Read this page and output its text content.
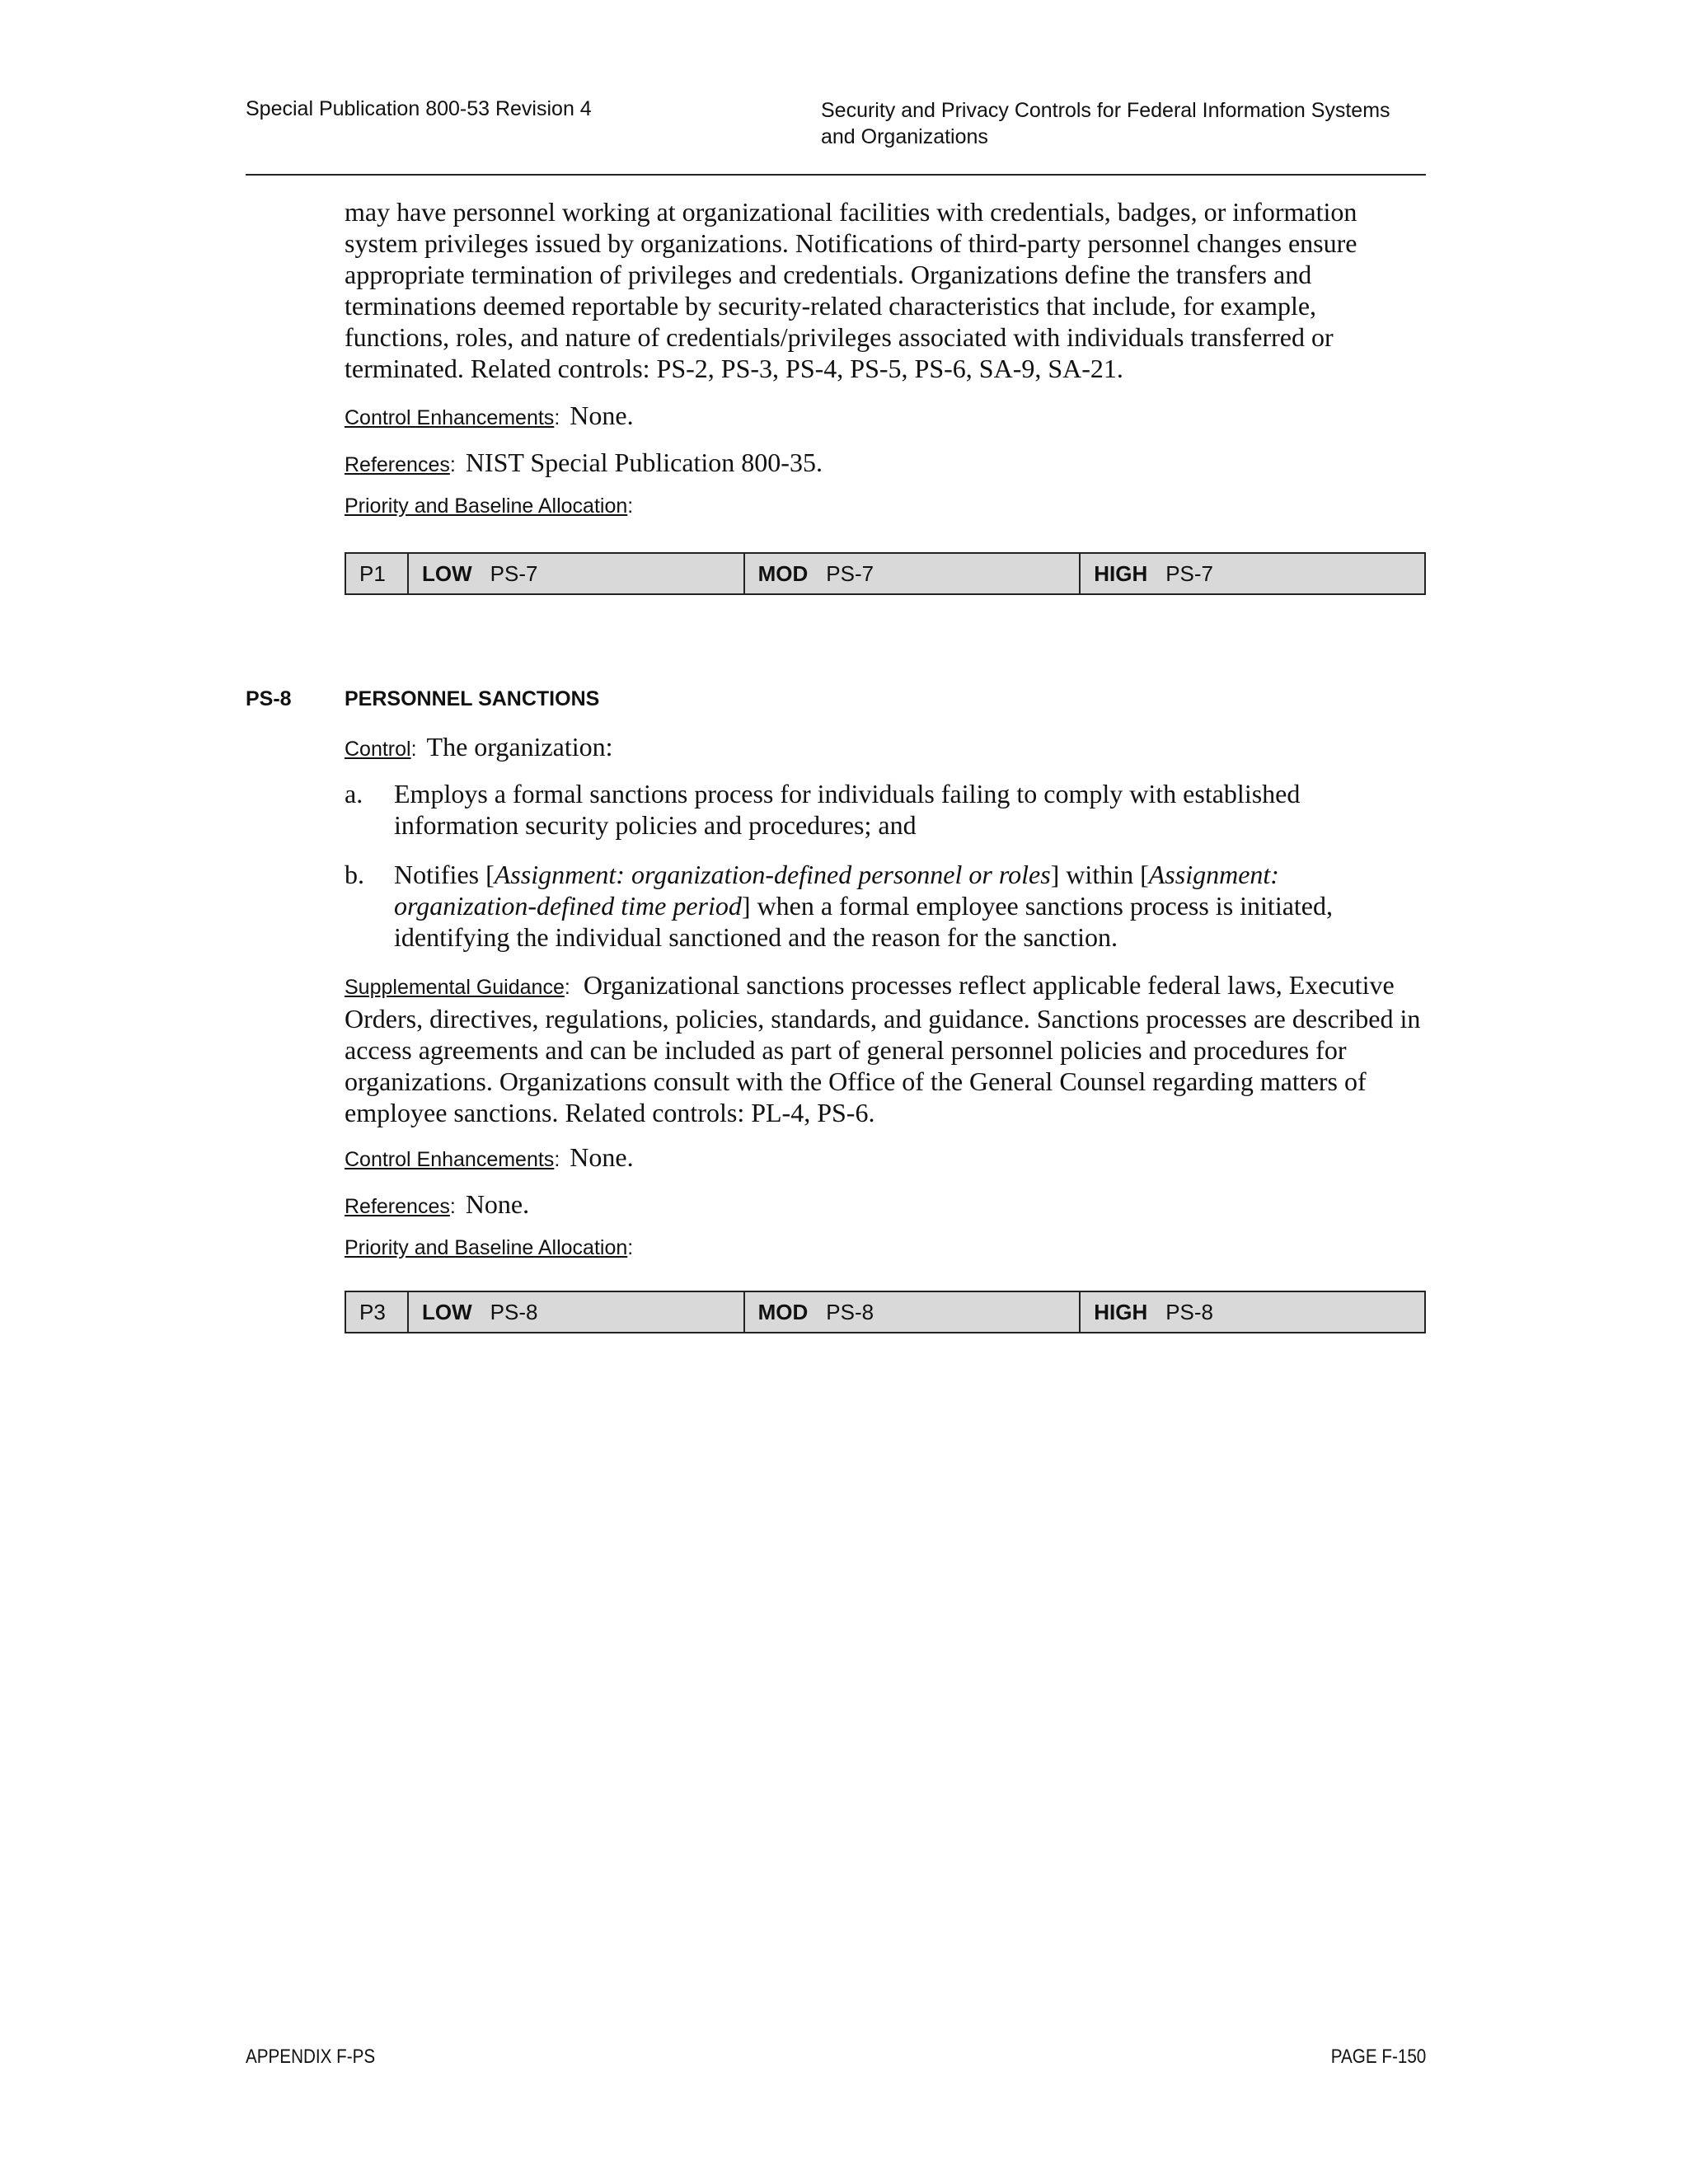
Special Publication 800-53 Revision 4	Security and Privacy Controls for Federal Information Systems
and Organizations

may have personnel working at organizational facilities with credentials, badges, or information system privileges issued by organizations. Notifications of third-party personnel changes ensure appropriate termination of privileges and credentials. Organizations define the transfers and terminations deemed reportable by security-related characteristics that include, for example, functions, roles, and nature of credentials/privileges associated with individuals transferred or terminated. Related controls: PS-2, PS-3, PS-4, PS-5, PS-6, SA-9, SA-21.

Control Enhancements: None.
References: NIST Special Publication 800-35.
Priority and Baseline Allocation:
P1	LOW PS-7	MOD PS-7	HIGH PS-7
PS-8	PERSONNEL SANCTIONS
Control: The organization:
a. Employs a formal sanctions process for individuals failing to comply with established information security policies and procedures; and
b. Notifies [Assignment: organization-defined personnel or roles] within [Assignment: organization-defined time period] when a formal employee sanctions process is initiated, identifying the individual sanctioned and the reason for the sanction.

Supplemental Guidance: Organizational sanctions processes reflect applicable federal laws, Executive Orders, directives, regulations, policies, standards, and guidance. Sanctions processes are described in access agreements and can be included as part of general personnel policies and procedures for organizations. Organizations consult with the Office of the General Counsel regarding matters of employee sanctions. Related controls: PL-4, PS-6.

Control Enhancements: None.
References: None.
Priority and Baseline Allocation:
P3	LOW PS-8	MOD PS-8	HIGH PS-8
APPENDIX F-PS	PAGE F-150
